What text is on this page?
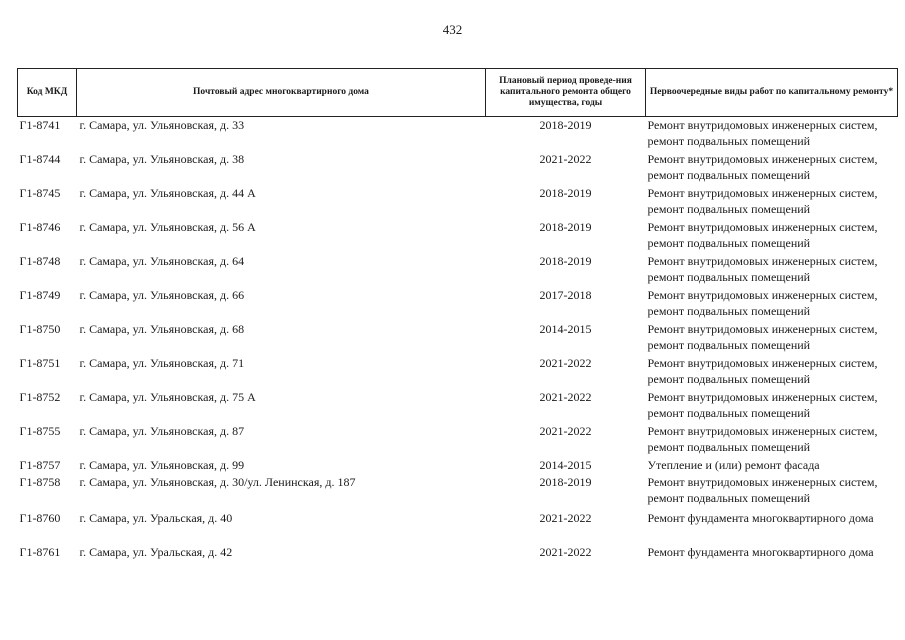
432
Код МКД	Почтовый адрес многоквартирного дома	Плановый период проведе-ния капитального ремонта общего имущества, годы	Первоочередные виды работ по капитальному ремонту*
Г1-8741	г. Самара, ул. Ульяновская, д. 33	2018-2019	Ремонт внутридомовых инженерных систем,
ремонт подвальных помещений

Г1-8744	г. Самара, ул. Ульяновская, д. 38	2021-2022	Ремонт внутридомовых инженерных систем,
ремонт подвальных помещений

Г1-8745	г. Самара, ул. Ульяновская, д. 44 А	2018-2019	Ремонт внутридомовых инженерных систем,
ремонт подвальных помещений

Г1-8746	г. Самара, ул. Ульяновская, д. 56 А	2018-2019	Ремонт внутридомовых инженерных систем,
ремонт подвальных помещений

Г1-8748	г. Самара, ул. Ульяновская, д. 64	2018-2019	Ремонт внутридомовых инженерных систем,
ремонт подвальных помещений

Г1-8749	г. Самара, ул. Ульяновская, д. 66	2017-2018	Ремонт внутридомовых инженерных систем,
ремонт подвальных помещений

Г1-8750	г. Самара, ул. Ульяновская, д. 68	2014-2015	Ремонт внутридомовых инженерных систем,
ремонт подвальных помещений

Г1-8751	г. Самара, ул. Ульяновская, д. 71	2021-2022	Ремонт внутридомовых инженерных систем,
ремонт подвальных помещений

Г1-8752	г. Самара, ул. Ульяновская, д. 75 А	2021-2022	Ремонт внутридомовых инженерных систем,
ремонт подвальных помещений

Г1-8755	г. Самара, ул. Ульяновская, д. 87	2021-2022	Ремонт внутридомовых инженерных систем,
ремонт подвальных помещений

Г1-8757	г. Самара, ул. Ульяновская, д. 99	2014-2015	Утепление и (или) ремонт фасада

Г1-8758	г. Самара, ул. Ульяновская, д. 30/ул. Ленинская, д. 187	2018-2019	Ремонт внутридомовых инженерных систем,
ремонт подвальных помещений

Г1-8760	г. Самара, ул. Уральская, д. 40	2021-2022	Ремонт фундамента многоквартирного дома

Г1-8761	г. Самара, ул. Уральская, д. 42	2021-2022	Ремонт фундамента многоквартирного дома
